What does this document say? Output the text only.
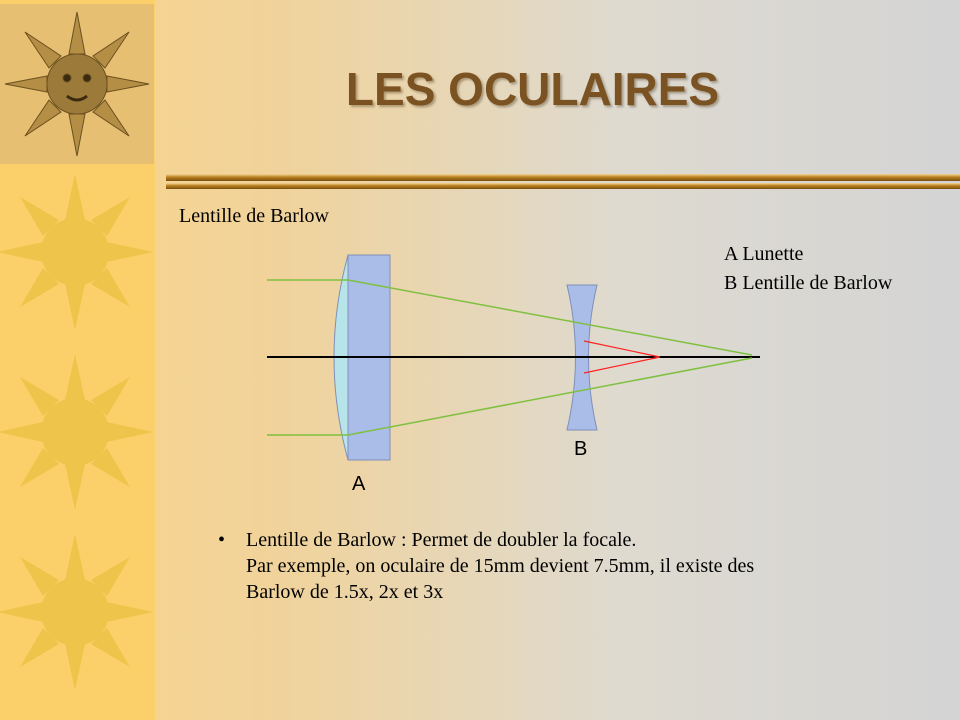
LES OCULAIRES
Lentille de Barlow
A Lunette
B Lentille de Barlow
A
B
• Lentille de Barlow : Permet de doubler la focale.
Par exemple, on oculaire de 15mm devient 7.5mm, il existe des
Barlow de 1.5x, 2x et 3x
